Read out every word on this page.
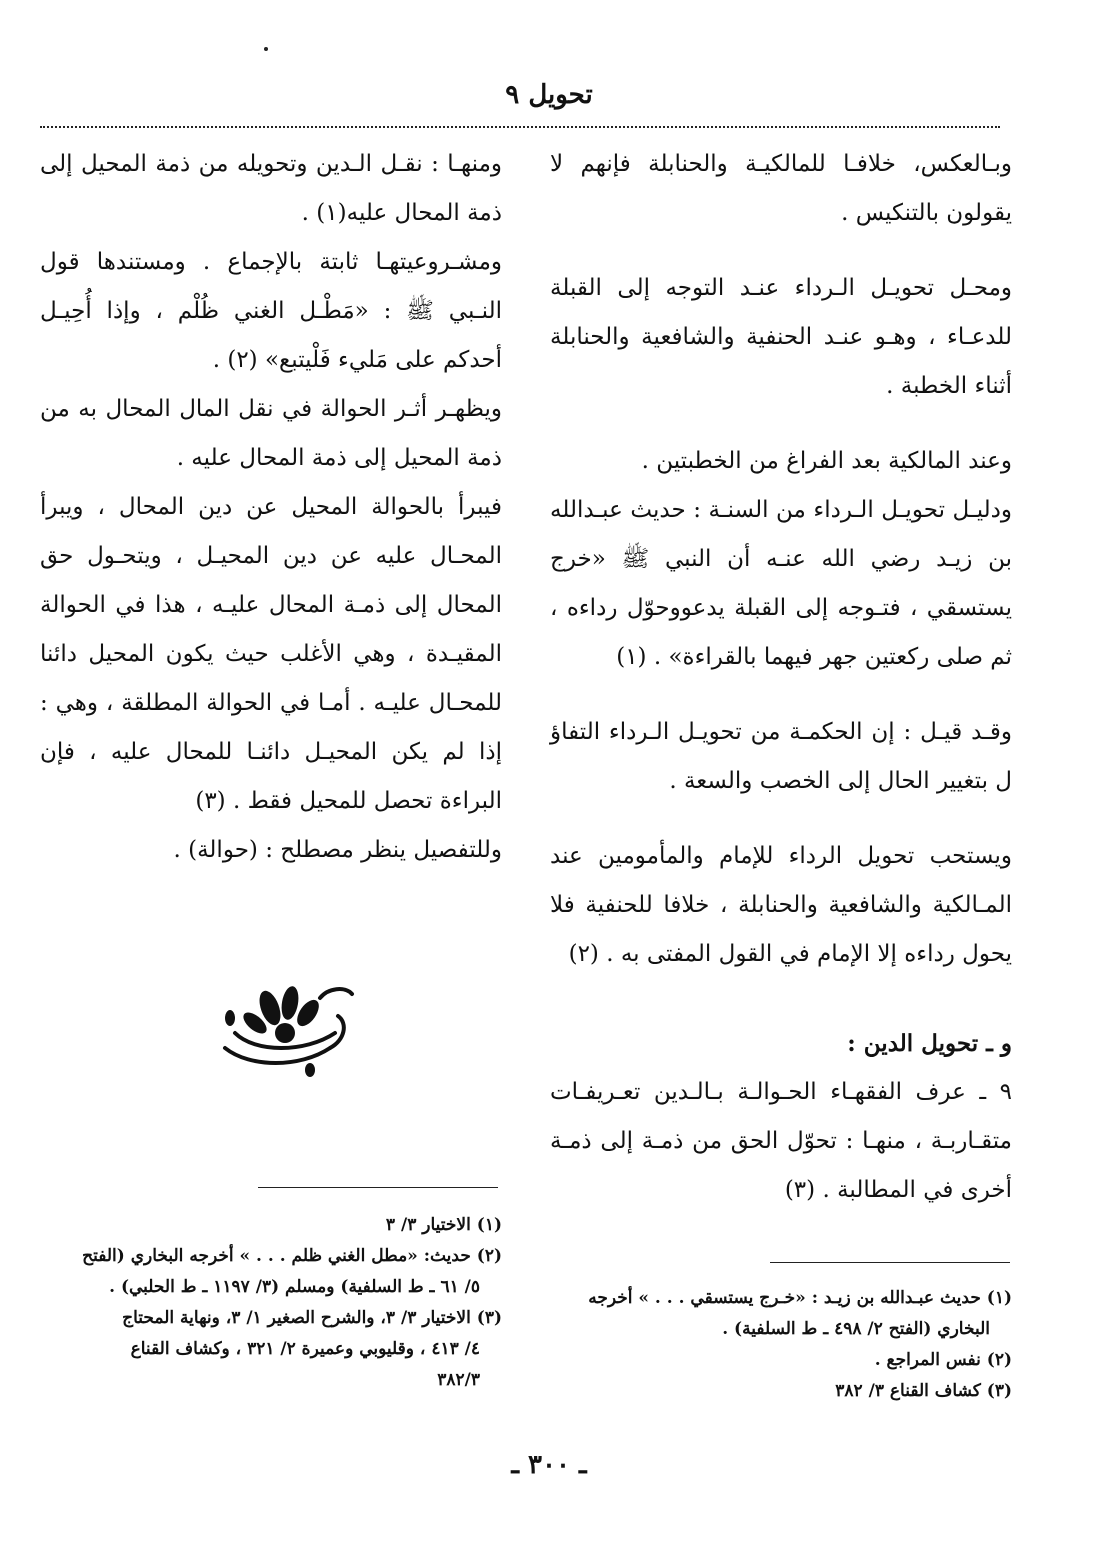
تحويل ٩

وبـالعكس، خلافـا للمالكيـة والحنابلة فإنهم لا يقولون بالتنكيس .

ومحـل تحويـل الـرداء عنـد التوجه إلى القبلة للدعـاء ، وهـو عنـد الحنفية والشافعية والحنابلة أثناء الخطبة .

وعند المالكية بعد الفراغ من الخطبتين .

ودليـل تحويـل الـرداء من السنـة : حديث عبـدالله بن زيـد رضي الله عنـه أن النبي ﷺ «خرج يستسقي ، فتـوجه إلى القبلة يدعووحوّل رداءه ، ثم صلى ركعتين جهر فيهما بالقراءة» . (١)

وقـد قيـل : إن الحكمـة من تحويـل الـرداء التفاؤ ل بتغيير الحال إلى الخصب والسعة .

ويستحب تحويل الرداء للإمام والمأمومين عند المـالكية والشافعية والحنابلة ، خلافا للحنفية فلا يحول رداءه إلا الإمام في القول المفتى به . (٢)

و ـ تحويل الدين :

٩ ـ عرف الفقهـاء الحـوالـة بـالـدين تعـريفـات متقـاربـة ، منهـا : تحوّل الحق من ذمـة إلى ذمـة أخرى في المطالبة . (٣)

ومنهـا : نقـل الـدين وتحويله من ذمة المحيل إلى ذمة المحال عليه(١) .

ومشـروعيتهـا ثابتة بالإجماع . ومستندها قول النـبي ﷺ : «مَطْـل الغني ظُلْم ، وإذا أُحِيـل أحدكم على مَليء فَلْيتبع» (٢) .

ويظهـر أثـر الحوالة في نقل المال المحال به من ذمة المحيل إلى ذمة المحال عليه .

فيبرأ بالحوالة المحيل عن دين المحال ، ويبرأ المحـال عليه عن دين المحيـل ، ويتحـول حق المحال إلى ذمـة المحال عليـه ، هذا في الحوالة المقيـدة ، وهي الأغلب حيث يكون المحيل دائنا للمحـال عليـه . أمـا في الحوالة المطلقة ، وهي : إذا لم يكن المحيـل دائنـا للمحال عليه ، فإن البراءة تحصل للمحيل فقط . (٣)

وللتفصيل ينظر مصطلح : (حوالة) .

(١) حديث عبـدالله بن زيـد : «خـرج يستسقي . . . » أخرجه
البخاري (الفتح ٢/ ٤٩٨ ـ ط السلفية) .
(٢) نفس المراجع .
(٣) كشاف القناع ٣/ ٣٨٢
(١) الاختيار ٣/ ٣
(٢) حديث: «مطل الغني ظلم . . . » أخرجه البخاري (الفتح
٥/ ٦١ ـ ط السلفية) ومسلم (٣/ ١١٩٧ ـ ط الحلبي) .
(٣) الاختيار ٣/ ٣، والشرح الصغير ١/ ٣، ونهاية المحتاج
٤/ ٤١٣ ، وقليوبي وعميرة ٢/ ٣٢١ ، وكشاف القناع
٣٨٢/٣
ـ ٣٠٠ ـ
